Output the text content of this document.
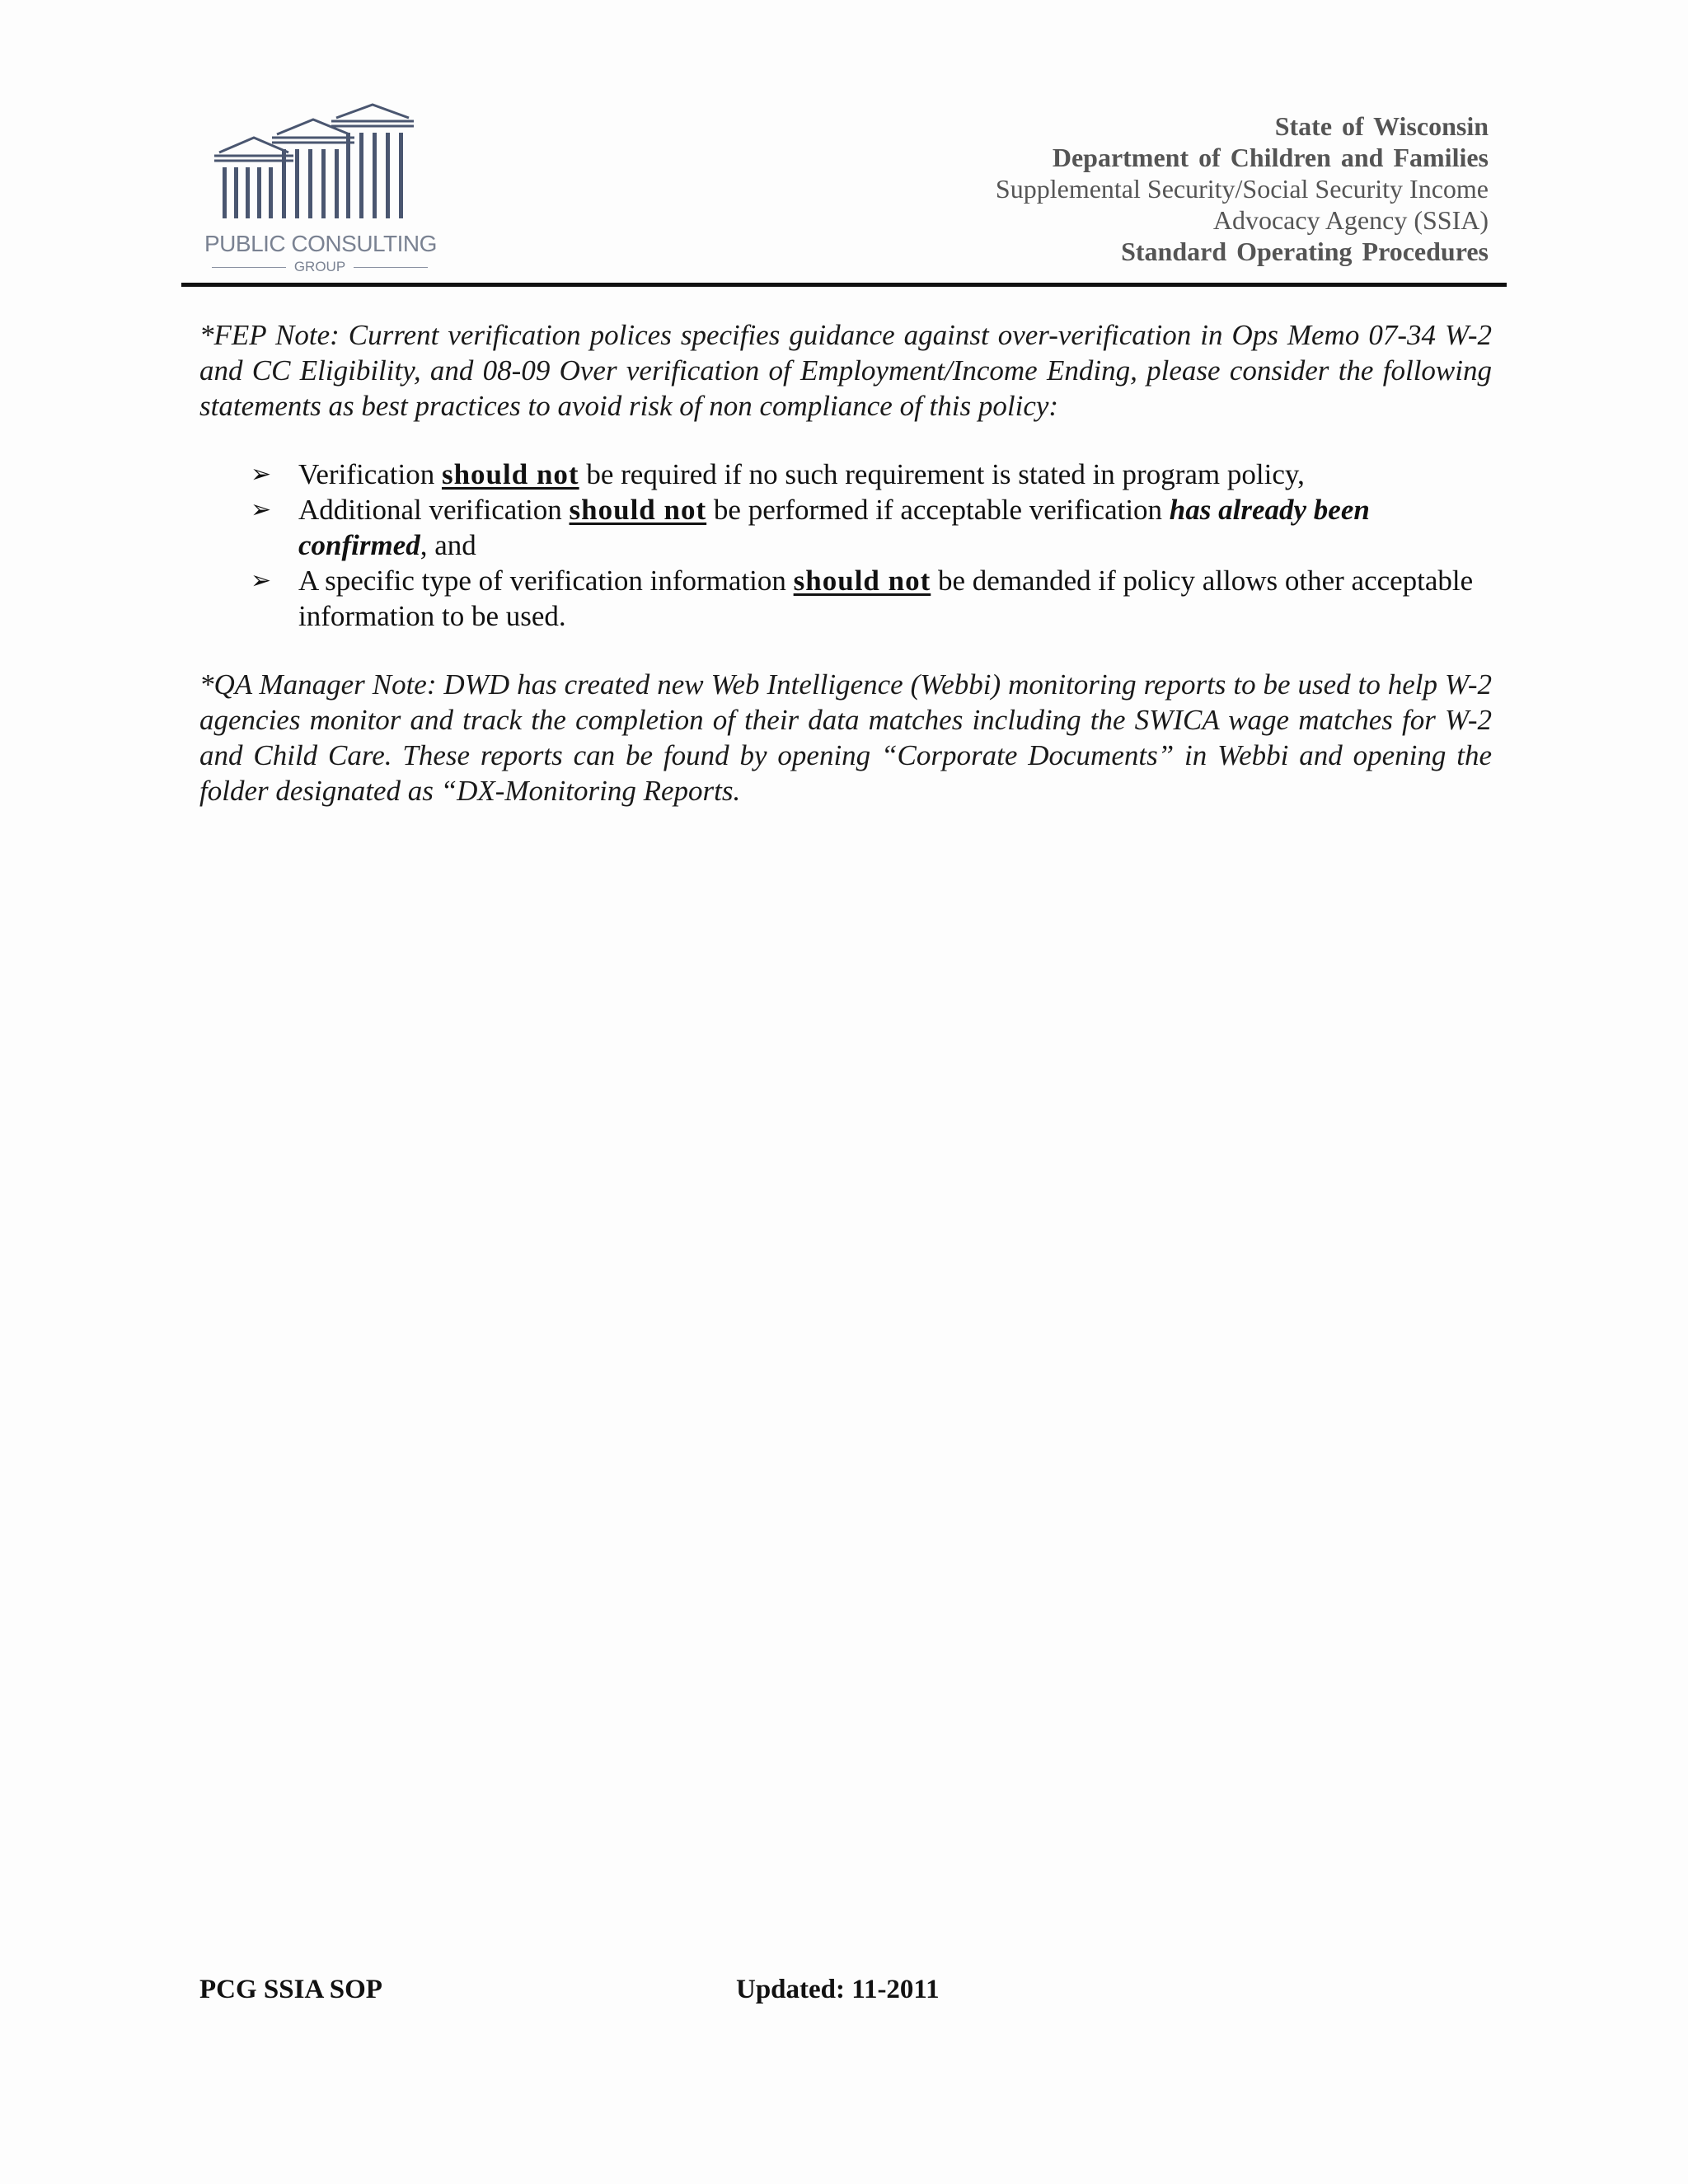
PUBLIC CONSULTING
GROUP
State of Wisconsin
Department of Children and Families
Supplemental Security/Social Security Income
Advocacy Agency (SSIA)
Standard Operating Procedures

*FEP Note: Current verification polices specifies guidance against over-verification in Ops Memo 07-34 W-2 and CC Eligibility, and 08-09 Over verification of Employment/Income Ending, please consider the following statements as best practices to avoid risk of non compliance of this policy:

➢ Verification should not be required if no such requirement is stated in program policy,
➢ Additional verification should not be performed if acceptable verification has already been confirmed, and
➢ A specific type of verification information should not be demanded if policy allows other acceptable information to be used.

*QA Manager Note: DWD has created new Web Intelligence (Webbi) monitoring reports to be used to help W-2 agencies monitor and track the completion of their data matches including the SWICA wage matches for W-2 and Child Care. These reports can be found by opening “Corporate Documents” in Webbi and opening the folder designated as “DX-Monitoring Reports.

PCG SSIA SOP	Updated: 11-2011
